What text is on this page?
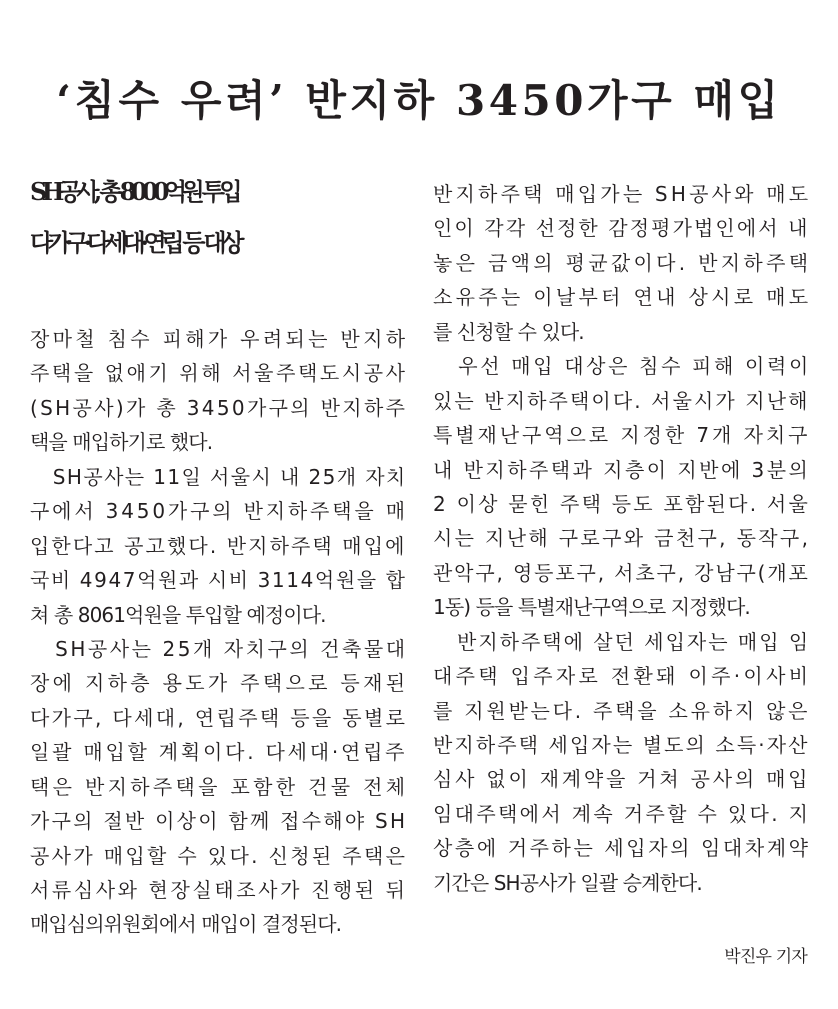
‘침수 우려’ 반지하 3450가구 매입
SH공사, 총 8000억원 투입
다가구·다세대·연립 등 대상
장마철 침수 피해가 우려되는 반지하
주택을 없애기 위해 서울주택도시공사
(SH공사)가 총 3450가구의 반지하주
택을 매입하기로 했다.
  SH공사는 11일 서울시 내 25개 자치
구에서 3450가구의 반지하주택을 매
입한다고 공고했다. 반지하주택 매입에
국비 4947억원과 시비 3114억원을 합
쳐 총 8061억원을 투입할 예정이다.
  SH공사는 25개 자치구의 건축물대
장에 지하층 용도가 주택으로 등재된
다가구, 다세대, 연립주택 등을 동별로
일괄 매입할 계획이다. 다세대·연립주
택은 반지하주택을 포함한 건물 전체
가구의 절반 이상이 함께 접수해야 SH
공사가 매입할 수 있다. 신청된 주택은
서류심사와 현장실태조사가 진행된 뒤
매입심의위원회에서 매입이 결정된다.
반지하주택 매입가는 SH공사와 매도
인이 각각 선정한 감정평가법인에서 내
놓은 금액의 평균값이다. 반지하주택
소유주는 이날부터 연내 상시로 매도
를 신청할 수 있다.
  우선 매입 대상은 침수 피해 이력이
있는 반지하주택이다. 서울시가 지난해
특별재난구역으로 지정한 7개 자치구
내 반지하주택과 지층이 지반에 3분의
2 이상 묻힌 주택 등도 포함된다. 서울
시는 지난해 구로구와 금천구, 동작구,
관악구, 영등포구, 서초구, 강남구(개포
1동) 등을 특별재난구역으로 지정했다.
  반지하주택에 살던 세입자는 매입 임
대주택 입주자로 전환돼 이주·이사비
를 지원받는다. 주택을 소유하지 않은
반지하주택 세입자는 별도의 소득·자산
심사 없이 재계약을 거쳐 공사의 매입
임대주택에서 계속 거주할 수 있다. 지
상층에 거주하는 세입자의 임대차계약
기간은 SH공사가 일괄 승계한다.
박진우 기자
